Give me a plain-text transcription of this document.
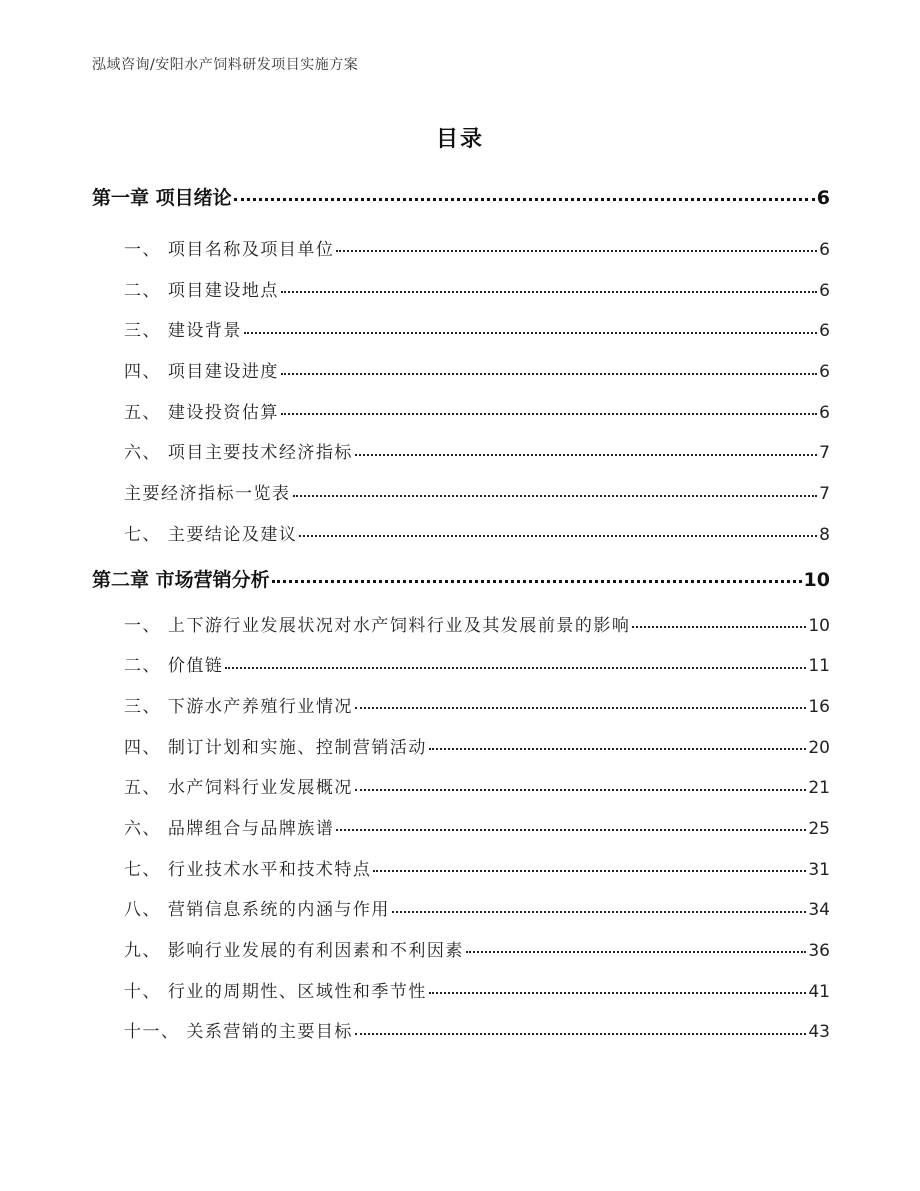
泓域咨询/安阳水产饲料研发项目实施方案
目录
第一章 项目绪论	6
一、 项目名称及项目单位	6
二、 项目建设地点	6
三、 建设背景	6
四、 项目建设进度	6
五、 建设投资估算	6
六、 项目主要技术经济指标	7
主要经济指标一览表	7
七、 主要结论及建议	8
第二章 市场营销分析	10
一、 上下游行业发展状况对水产饲料行业及其发展前景的影响	10
二、 价值链	11
三、 下游水产养殖行业情况	16
四、 制订计划和实施、控制营销活动	20
五、 水产饲料行业发展概况	21
六、 品牌组合与品牌族谱	25
七、 行业技术水平和技术特点	31
八、 营销信息系统的内涵与作用	34
九、 影响行业发展的有利因素和不利因素	36
十、 行业的周期性、区域性和季节性	41
十一、 关系营销的主要目标	43
